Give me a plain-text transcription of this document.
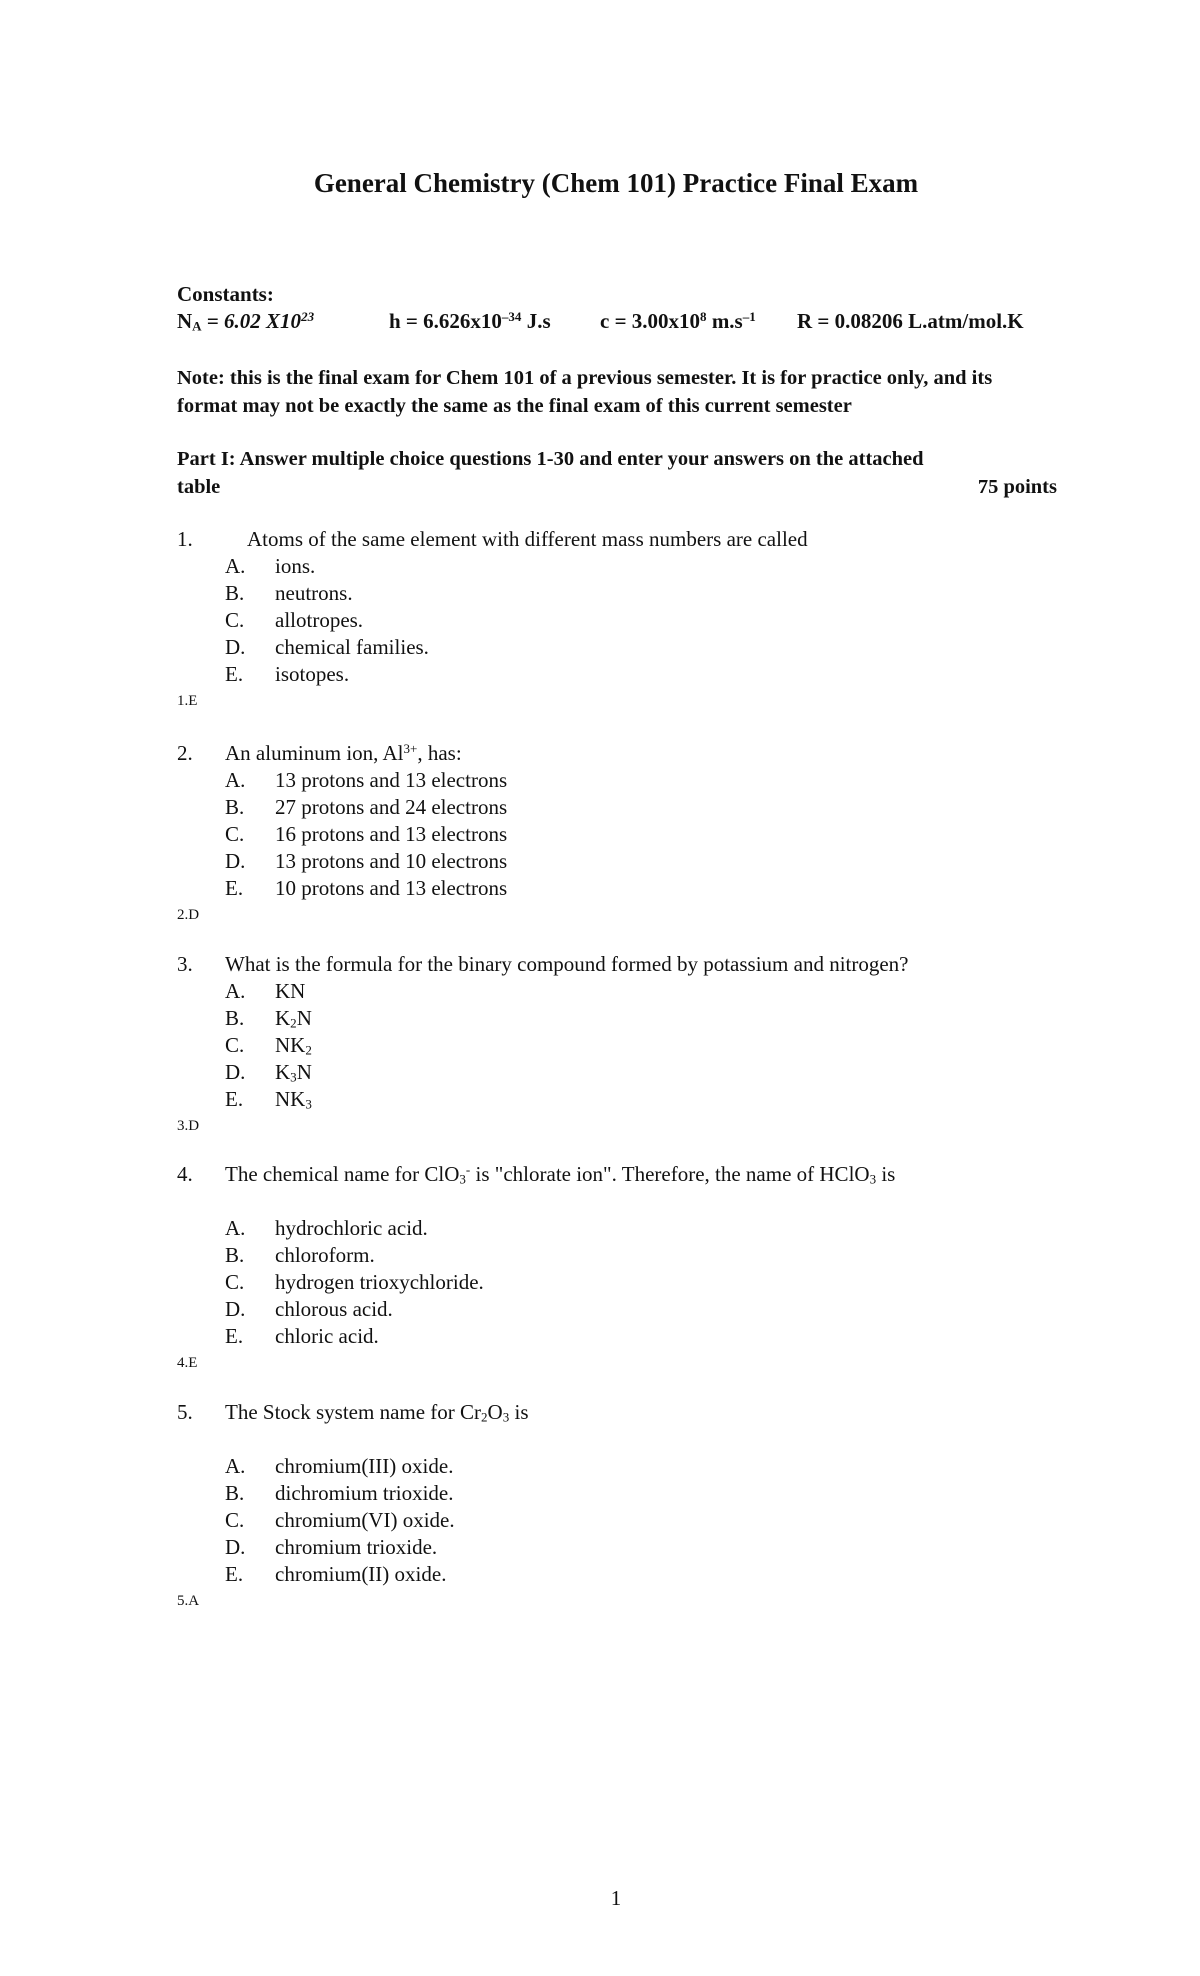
General Chemistry (Chem 101) Practice Final Exam
Constants:
$N_A = 6.02$ $X10^{23}$	$h = 6.626x10^{-34}$ J.s $c = 3.00x10^8$ $m.s^{-1}$ R = 0.08206 L.atm/mol.K
Note: this is the final exam for Chem 101 of a previous semester. It is for practice only, and its format may not be exactly the same as the final exam of this current semester
Part I: Answer multiple choice questions 1-30 and enter your answers on the attached
table	75 points
1.	Atoms of the same element with different mass numbers are called
A. ions.
B. neutrons.
C. allotropes.
D. chemical families.
E. isotopes.
1.E
2. An aluminum ion, $Al^{3+}$, has:
A. 13 protons and 13 electrons
B. 27 protons and 24 electrons
C. 16 protons and 13 electrons
D. 13 protons and 10 electrons
E. 10 protons and 13 electrons
2.D
3. What is the formula for the binary compound formed by potassium and nitrogen?
A. KN
B. $K_2N$
C. $NK_2$
D. $K_3N$
E. $NK_3$
3.D
4. The chemical name for ClO$_3$- is "chlorate ion". Therefore, the name of HClO$_3$ is
A. hydrochloric acid.
B. chloroform.
C. hydrogen trioxychloride.
D. chlorous acid.
E. chloric acid.
4.E
5. The Stock system name for $Cr_2O_3$ is
A. chromium(III) oxide.
B. dichromium trioxide.
C. chromium(VI) oxide.
D. chromium trioxide.
E. chromium(II) oxide.
5.A
1
